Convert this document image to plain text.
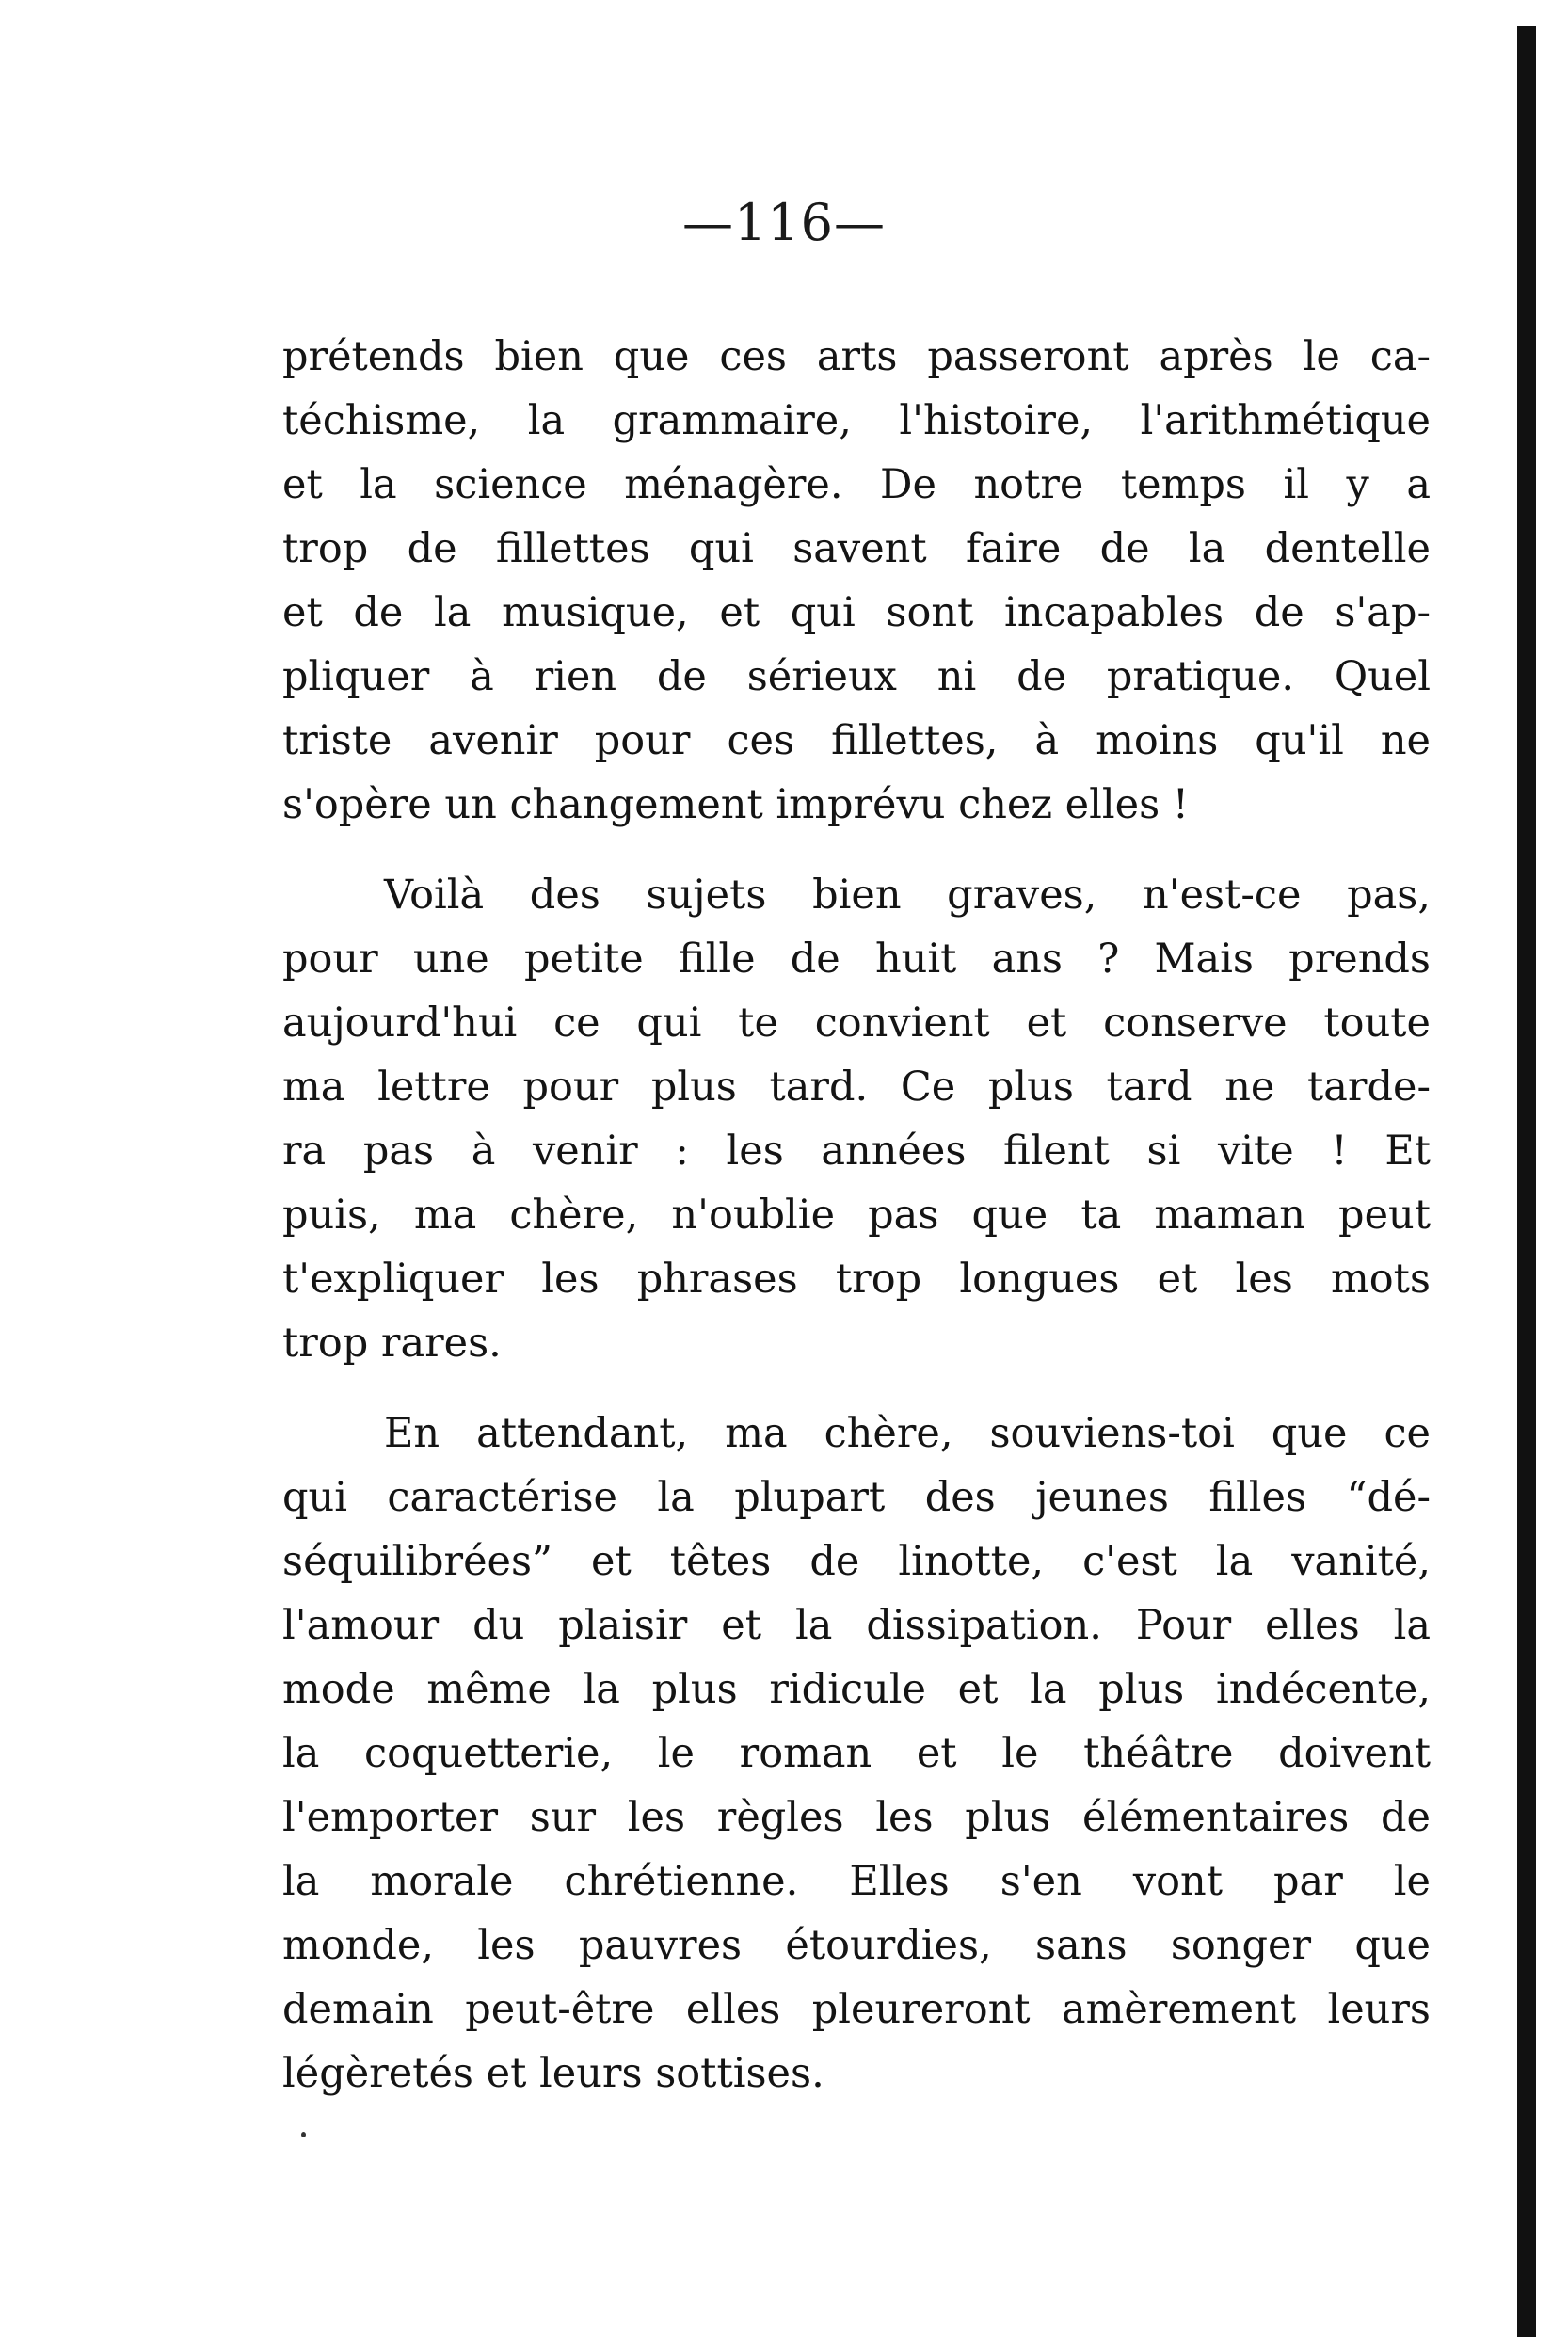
—116—
prétends bien que ces arts passeront après le ca-
téchisme, la grammaire, l'histoire, l'arithmétique
et la science ménagère. De notre temps il y a
trop de fillettes qui savent faire de la dentelle
et de la musique, et qui sont incapables de s'ap-
pliquer à rien de sérieux ni de pratique. Quel
triste avenir pour ces fillettes, à moins qu'il ne
s'opère un changement imprévu chez elles !
Voilà des sujets bien graves, n'est-ce pas,
pour une petite fille de huit ans ? Mais prends
aujourd'hui ce qui te convient et conserve toute
ma lettre pour plus tard. Ce plus tard ne tarde-
ra pas à venir : les années filent si vite ! Et
puis, ma chère, n'oublie pas que ta maman peut
t'expliquer les phrases trop longues et les mots
trop rares.
En attendant, ma chère, souviens-toi que ce
qui caractérise la plupart des jeunes filles “dé-
séquilibrées” et têtes de linotte, c'est la vanité,
l'amour du plaisir et la dissipation. Pour elles la
mode même la plus ridicule et la plus indécente,
la coquetterie, le roman et le théâtre doivent
l'emporter sur les règles les plus élémentaires de
la morale chrétienne. Elles s'en vont par le
monde, les pauvres étourdies, sans songer que
demain peut-être elles pleureront amèrement leurs
légèretés et leurs sottises.
